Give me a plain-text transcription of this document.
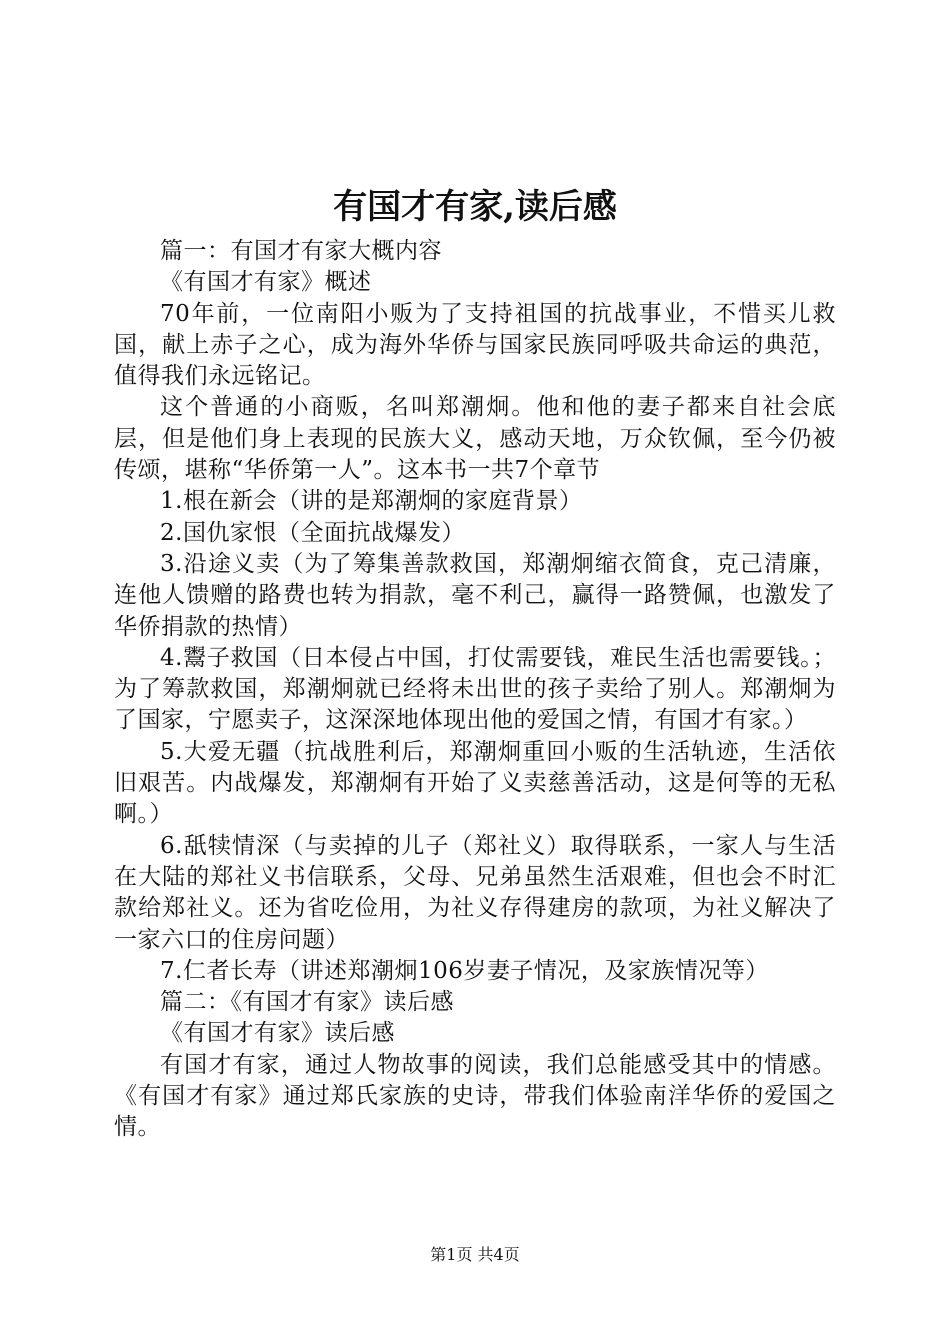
有国才有家,读后感

篇一：有国才有家大概内容

《有国才有家》概述

70年前，一位南阳小贩为了支持祖国的抗战事业，不惜买儿救国，献上赤子之心，成为海外华侨与国家民族同呼吸共命运的典范，值得我们永远铭记。

这个普通的小商贩，名叫郑潮炯。他和他的妻子都来自社会底层，但是他们身上表现的民族大义，感动天地，万众钦佩，至今仍被传颂，堪称“华侨第一人”。这本书一共7个章节

1.根在新会（讲的是郑潮炯的家庭背景）

2.国仇家恨（全面抗战爆发）

3.沿途义卖（为了筹集善款救国，郑潮炯缩衣简食，克己清廉，连他人馈赠的路费也转为捐款，毫不利己，赢得一路赞佩，也激发了华侨捐款的热情）

4.鬻子救国（日本侵占中国，打仗需要钱，难民生活也需要钱。；为了筹款救国，郑潮炯就已经将未出世的孩子卖给了别人。郑潮炯为了国家，宁愿卖子，这深深地体现出他的爱国之情，有国才有家。）

5.大爱无疆（抗战胜利后，郑潮炯重回小贩的生活轨迹，生活依旧艰苦。内战爆发，郑潮炯有开始了义卖慈善活动，这是何等的无私啊。）

6.舐犊情深（与卖掉的儿子（郑社义）取得联系，一家人与生活在大陆的郑社义书信联系，父母、兄弟虽然生活艰难，但也会不时汇款给郑社义。还为省吃俭用，为社义存得建房的款项，为社义解决了一家六口的住房问题）

7.仁者长寿（讲述郑潮炯106岁妻子情况，及家族情况等）

篇二：《有国才有家》读后感

《有国才有家》读后感

有国才有家，通过人物故事的阅读，我们总能感受其中的情感。《有国才有家》通过郑氏家族的史诗，带我们体验南洋华侨的爱国之情。

第1页 共4页
